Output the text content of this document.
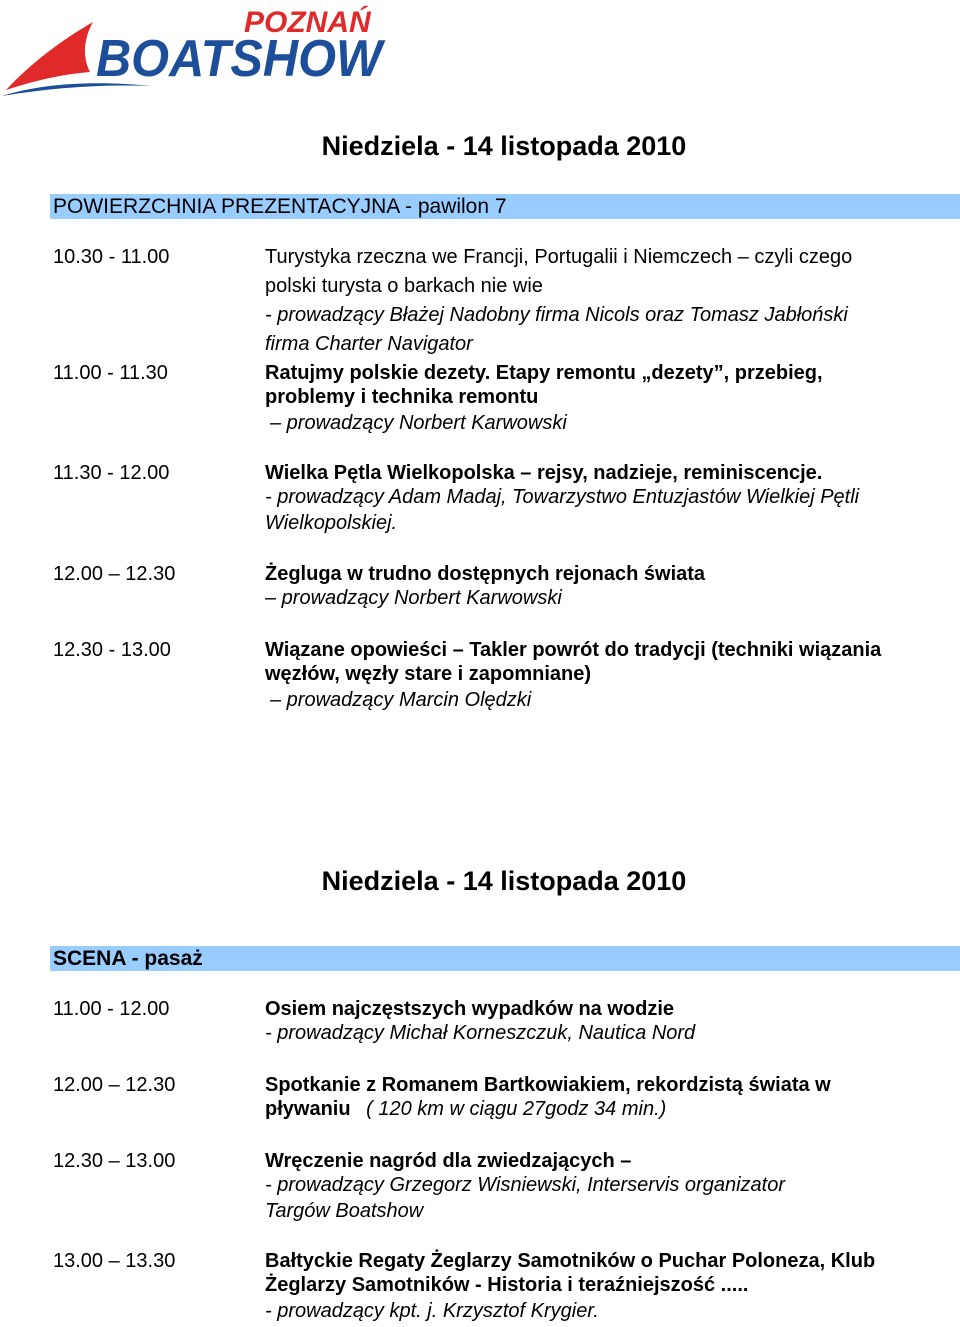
POZNAŃ
BOATSHOW
Niedziela - 14 listopada 2010
POWIERZCHNIA PREZENTACYJNA - pawilon 7
10.30 - 11.00	Turystyka rzeczna we Francji, Portugalii i Niemczech – czyli czego
polski turysta o barkach nie wie
- prowadzący Błażej Nadobny firma Nicols oraz Tomasz Jabłoński
firma Charter Navigator
11.00 - 11.30	Ratujmy polskie dezety. Etapy remontu „dezety”, przebieg,
problemy i technika remontu
– prowadzący Norbert Karwowski
11.30 - 12.00	Wielka Pętla Wielkopolska – rejsy, nadzieje, reminiscencje.
- prowadzący Adam Madaj, Towarzystwo Entuzjastów Wielkiej Pętli
Wielkopolskiej.
12.00 – 12.30	Żegluga w trudno dostępnych rejonach świata
– prowadzący Norbert Karwowski
12.30 - 13.00	Wiązane opowieści – Takler powrót do tradycji (techniki wiązania
węzłów, węzły stare i zapomniane)
– prowadzący Marcin Olędzki
Niedziela - 14 listopada 2010
SCENA - pasaż
11.00 - 12.00	Osiem najczęstszych wypadków na wodzie
- prowadzący Michał Korneszczuk, Nautica Nord
12.00 – 12.30	Spotkanie z Romanem Bartkowiakiem, rekordzistą świata w
pływaniu ( 120 km w ciągu 27godz 34 min.)
12.30 – 13.00	Wręczenie nagród dla zwiedzających –
- prowadzący Grzegorz Wisniewski, Interservis organizator
Targów Boatshow
13.00 – 13.30	Bałtyckie Regaty Żeglarzy Samotników o Puchar Poloneza, Klub
Żeglarzy Samotników - Historia i teraźniejszość .....
- prowadzący kpt. j. Krzysztof Krygier.
